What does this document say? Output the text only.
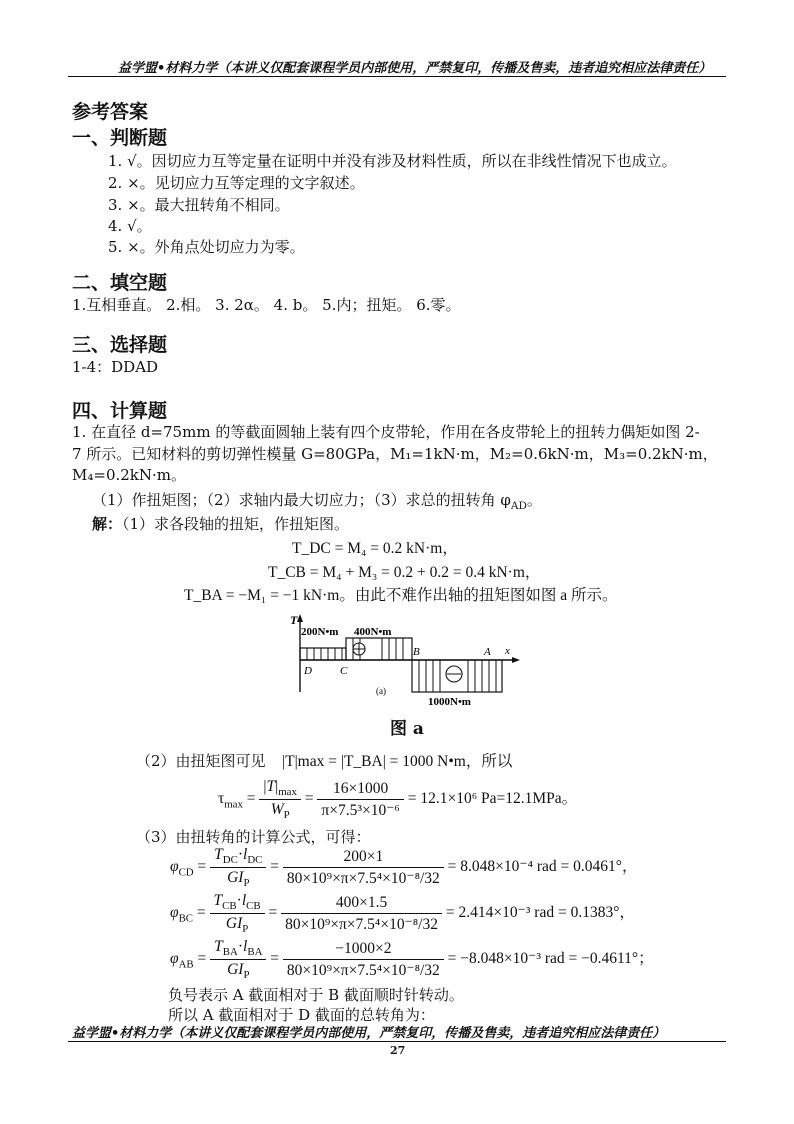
益学盟•材料力学（本讲义仅配套课程学员内部使用，严禁复印，传播及售卖，违者追究相应法律责任）
参考答案
一、判断题
1. √。因切应力互等定量在证明中并没有涉及材料性质，所以在非线性情况下也成立。
2. ×。见切应力互等定理的文字叙述。
3. ×。最大扭转角不相同。
4. √。
5. ×。外角点处切应力为零。
二、填空题
1.互相垂直。 2.相。 3. 2α。 4. b。 5.内；扭矩。 6.零。
三、选择题
1-4：DDAD
四、计算题
1. 在直径 d=75mm 的等截面圆轴上装有四个皮带轮，作用在各皮带轮上的扭转力偶矩如图 2-
7 所示。已知材料的剪切弹性模量 G=80GPa，M₁=1kN·m，M₂=0.6kN·m，M₃=0.2kN·m，
M₄=0.2kN·m。
（1）作扭矩图；（2）求轴内最大切应力；（3）求总的扭转角 $\varphi_{AD}$。
解：（1）求各段轴的扭矩，作扭矩图。
T_DC = M₄ = 0.2 kN·m，
T_CB = M₄ + M₃ = 0.2 + 0.2 = 0.4 kN·m，
T_BA = −M₁ = −1 kN·m。由此不难作出轴的扭矩图如图 a 所示。
T
x
200N•m 400N•m
1000N•m
D	C
B	A
(a)
图 a
（2）由扭矩图可见 |T|max = |T_BA| = 1000 N•m，所以
$\tau_{max} = \frac{|T|_{max}}{W_P} = \frac{16\times 1000}{\text{π×7.5³×10⁻⁶}} = 12.1\times 10^6$ Pa=12.1MPa。
（3）由扭转角的计算公式，可得：
$\varphi_{CD} = \frac{T_{DC}\cdot l_{DC}}{GI_P} = \frac{200\times 1}{\text{80×10⁹×π×7.5⁴×10⁻⁸/32}} = 8.048\times 10^{-4}$ rad = 0.0461°，
$\varphi_{BC} = \frac{T_{CB}\cdot l_{CB}}{GI_P} = \frac{400\times 1.5}{\text{80×10⁹×π×7.5⁴×10⁻⁸/32}} = 2.414\times 10^{-3}$ rad = 0.1383°，
$\varphi_{AB} = \frac{T_{BA}\cdot l_{BA}}{GI_P} = \frac{-1000\times 2}{\text{80×10⁹×π×7.5⁴×10⁻⁸/32}} = -8.048\times 10^{-3}$ rad = −0.4611°；
负号表示 A 截面相对于 B 截面顺时针转动。
所以 A 截面相对于 D 截面的总转角为：
益学盟•材料力学（本讲义仅配套课程学员内部使用，严禁复印，传播及售卖，违者追究相应法律责任）
27
